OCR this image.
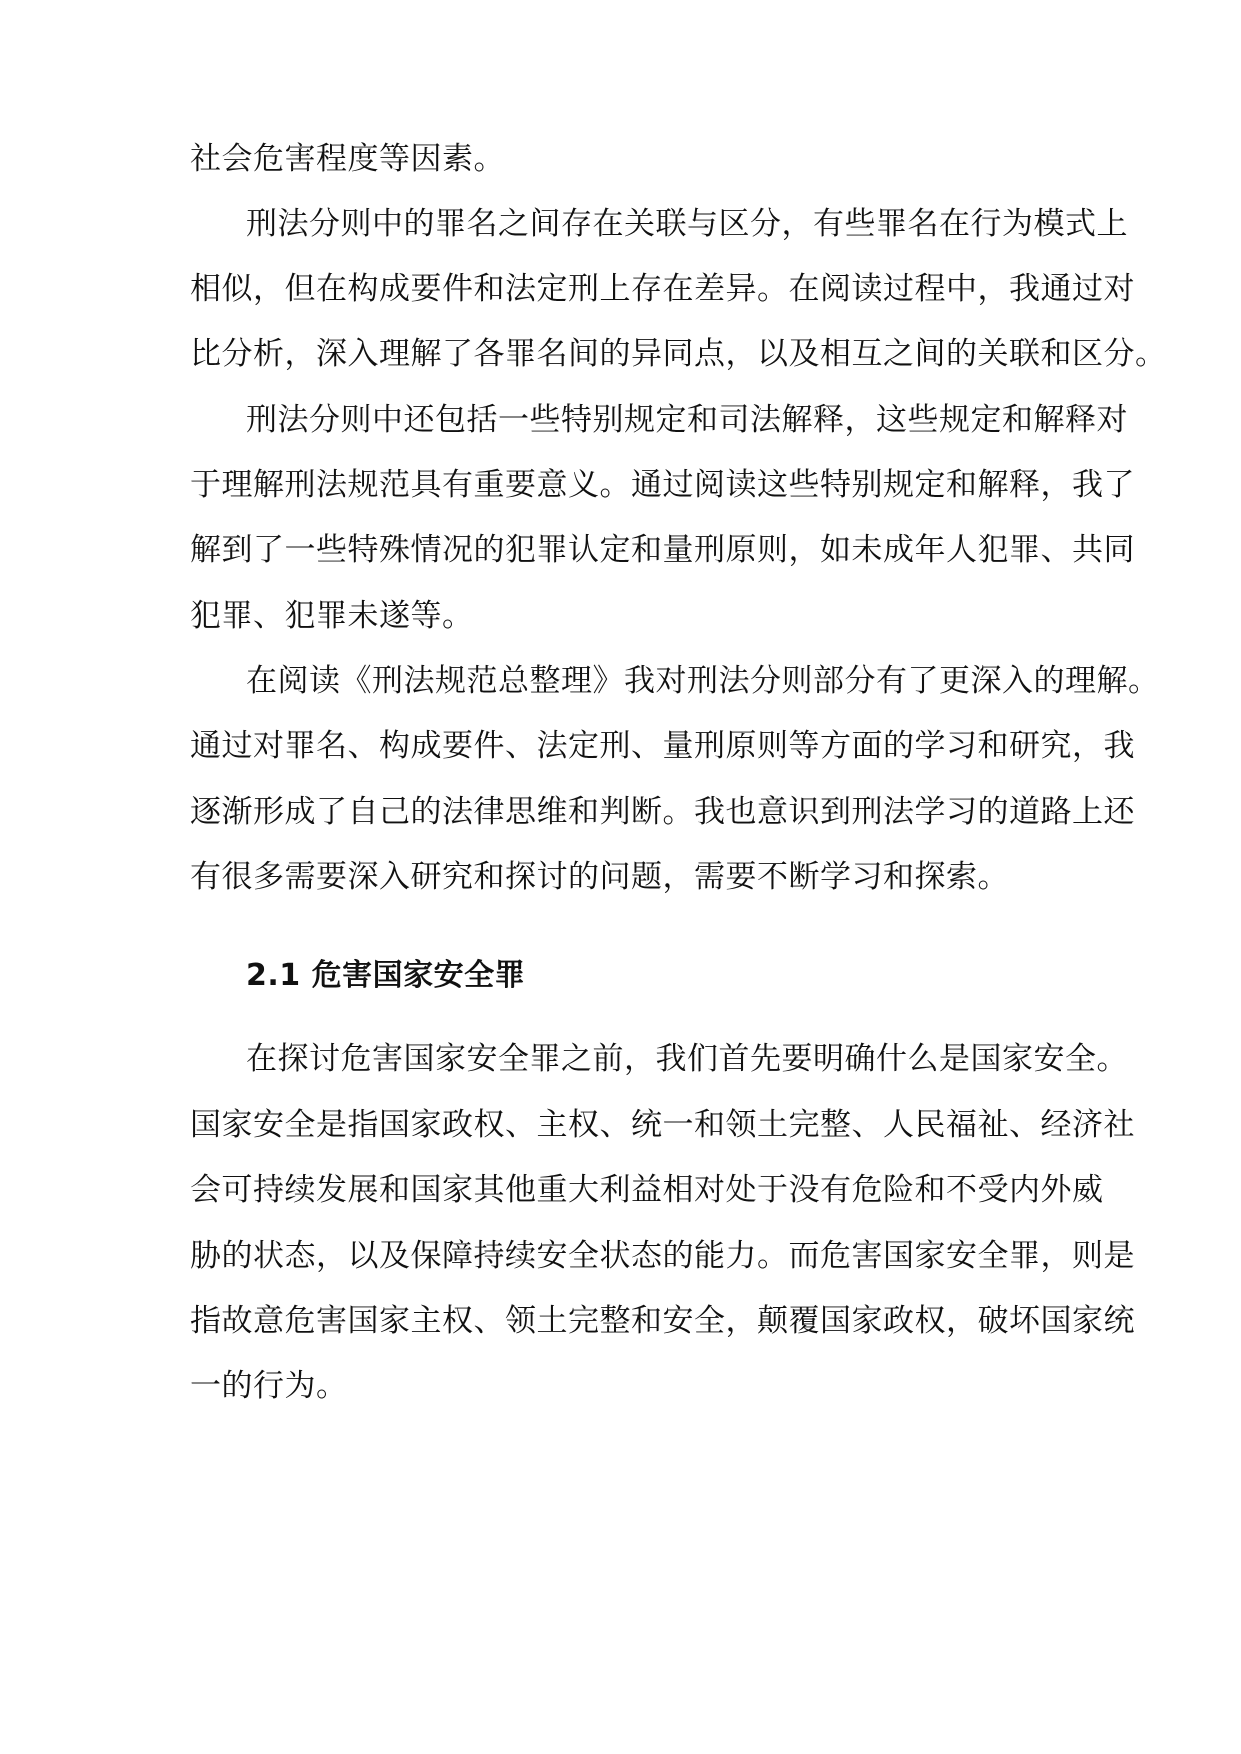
社会危害程度等因素。

刑法分则中的罪名之间存在关联与区分，有些罪名在行为模式上

相似，但在构成要件和法定刑上存在差异。在阅读过程中，我通过对

比分析，深入理解了各罪名间的异同点，以及相互之间的关联和区分。

刑法分则中还包括一些特别规定和司法解释，这些规定和解释对

于理解刑法规范具有重要意义。通过阅读这些特别规定和解释，我了

解到了一些特殊情况的犯罪认定和量刑原则，如未成年人犯罪、共同

犯罪、犯罪未遂等。

在阅读《刑法规范总整理》我对刑法分则部分有了更深入的理解。

通过对罪名、构成要件、法定刑、量刑原则等方面的学习和研究，我

逐渐形成了自己的法律思维和判断。我也意识到刑法学习的道路上还

有很多需要深入研究和探讨的问题，需要不断学习和探索。

2.1 危害国家安全罪

在探讨危害国家安全罪之前，我们首先要明确什么是国家安全。

国家安全是指国家政权、主权、统一和领土完整、人民福祉、经济社

会可持续发展和国家其他重大利益相对处于没有危险和不受内外威

胁的状态，以及保障持续安全状态的能力。而危害国家安全罪，则是

指故意危害国家主权、领土完整和安全，颠覆国家政权，破坏国家统

一的行为。
